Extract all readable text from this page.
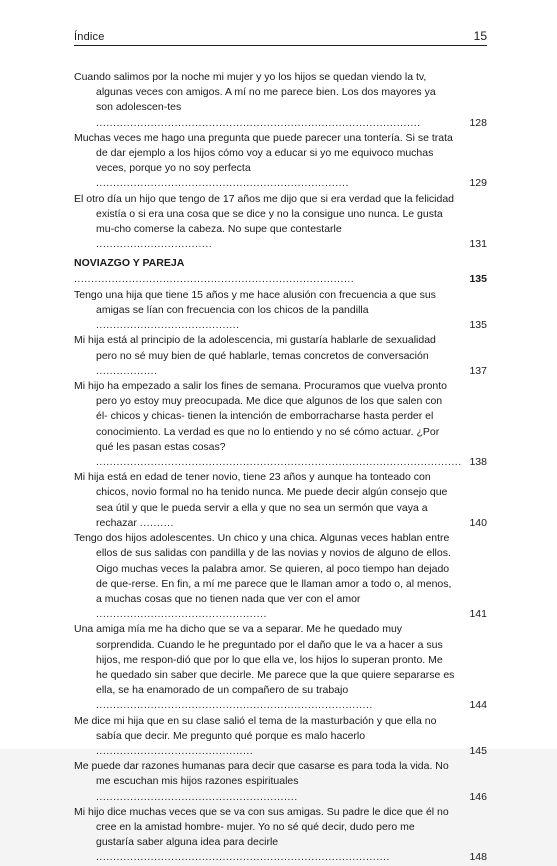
Índice	15
Cuando salimos por la noche mi mujer y yo los hijos se quedan viendo la tv, algunas veces con amigos. A mí no me parece bien. Los dos mayores ya son adolescen-tes ...............................................................................................	128
Muchas veces me hago una pregunta que puede parecer una tontería. Si se trata de dar ejemplo a los hijos cómo voy a educar si yo me equivoco muchas veces, porque yo no soy perfecta ..........................................................................	129
El otro día un hijo que tengo de 17 años me dijo que si era verdad que la felicidad existía o si era una cosa que se dice y no la consigue uno nunca. Le gusta mu-cho comerse la cabeza. No supe que contestarle ..................................	131
NOVIAZGO Y PAREJA ..................................................................................	135
Tengo una hija que tiene 15 años y me hace alusión con frecuencia a que sus amigas se lían con frecuencia con los chicos de la pandilla ..........................................	135
Mi hija está al principio de la adolescencia, mi gustaría hablarle de sexualidad pero no sé muy bien de qué hablarle, temas concretos de conversación ..................	137
Mi hijo ha empezado a salir los fines de semana. Procuramos que vuelva pronto pero yo estoy muy preocupada. Me dice que algunos de los que salen con él- chicos y chicas- tienen la intención de emborracharse hasta perder el conocimiento. La verdad es que no lo entiendo y no sé cómo actuar. ¿Por qué les pasan estas cosas? ........................................................................................................... 138
Mi hija está en edad de tener novio, tiene 23 años y aunque ha tonteado con chicos, novio formal no ha tenido nunca. Me puede decir algún consejo que sea útil y que le pueda servir a ella y que no sea un sermón que vaya a rechazar ..........	140
Tengo dos hijos adolescentes. Un chico y una chica. Algunas veces hablan entre ellos de sus salidas con pandilla y de las novias y novios de alguno de ellos. Oigo muchas veces la palabra amor. Se quieren, al poco tiempo han dejado de que-rerse. En fin, a mí me parece que le llaman amor a todo o, al menos, a muchas cosas que no tienen nada que ver con el amor ..................................................	141
Una amiga mía me ha dicho que se va a separar. Me he quedado muy sorprendida. Cuando le he preguntado por el daño que le va a hacer a sus hijos, me respon-dió que por lo que ella ve, los hijos lo superan pronto. Me he quedado sin saber que decirle. Me parece que la que quiere separarse es ella, se ha enamorado de un compañero de su trabajo .................................................................................	144
Me dice mi hija que en su clase salió el tema de la masturbación y que ella no sabía que decir. Me pregunto qué porque es malo hacerlo ..............................................	145
Me puede dar razones humanas para decir que casarse es para toda la vida. No me escuchan mis hijos razones espirituales ...........................................................	146
Mi hijo dice muchas veces que se va con sus amigas. Su padre le dice que él no cree en la amistad hombre- mujer. Yo no sé qué decir, dudo pero me gustaría saber alguna idea para decirle ......................................................................................	148
